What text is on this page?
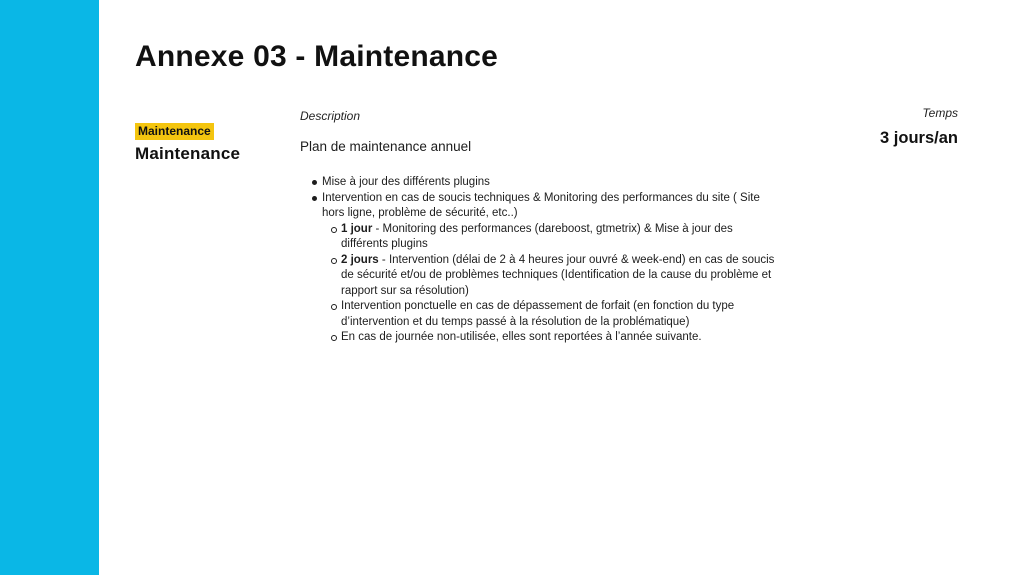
Annexe 03 - Maintenance
Maintenance
Maintenance
Description
Plan de maintenance annuel
Mise à jour des différents plugins
Intervention en cas de soucis techniques & Monitoring des performances du site ( Site hors ligne, problème de sécurité, etc..)
1 jour - Monitoring des performances (dareboost, gtmetrix) & Mise à jour des différents plugins
2 jours - Intervention (délai de 2 à 4 heures jour ouvré & week-end) en cas de soucis de sécurité et/ou de problèmes techniques (Identification de la cause du problème et rapport sur sa résolution)
Intervention ponctuelle en cas de dépassement de forfait (en fonction du type d’intervention et du temps passé à la résolution de la problématique)
En cas de journée non-utilisée, elles sont reportées à l’année suivante.
Temps
3 jours/an
